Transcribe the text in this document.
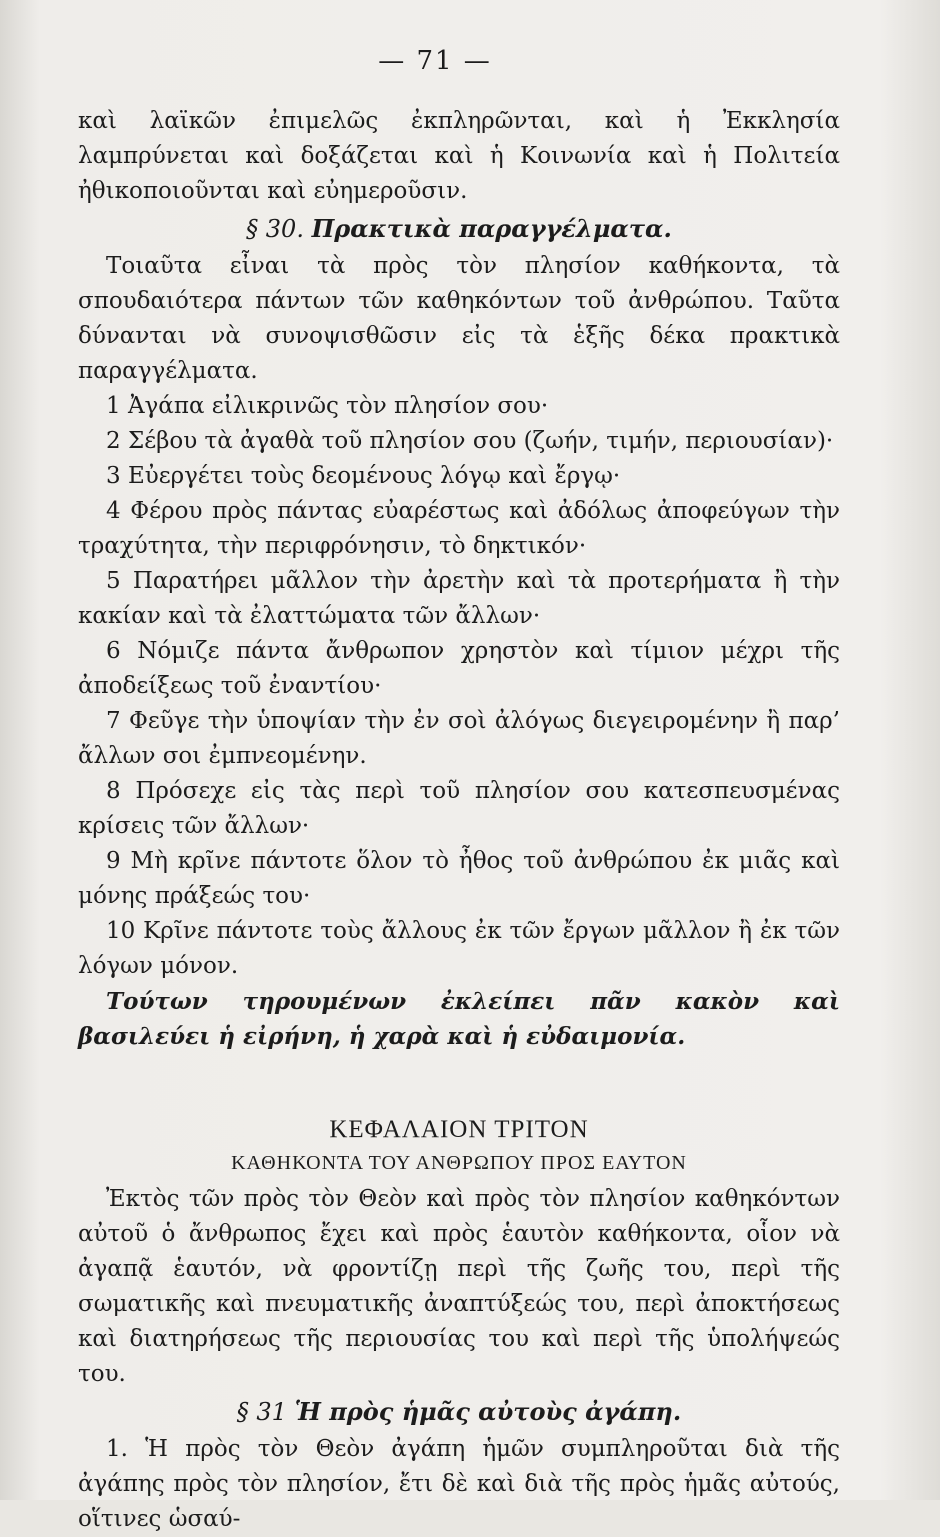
— 71 —

καὶ λαϊκῶν ἐπιμελῶς ἐκπληρῶνται, καὶ ἡ Ἐκκλησία λαμπρύνεται καὶ δοξάζεται καὶ ἡ Κοινωνία καὶ ἡ Πολιτεία ἠθικοποιοῦνται καὶ εὐημεροῦσιν.

§ 30. Πρακτικὰ παραγγέλματα.

Τοιαῦτα εἶναι τὰ πρὸς τὸν πλησίον καθήκοντα, τὰ σπουδαιότερα πάντων τῶν καθηκόντων τοῦ ἀνθρώπου. Ταῦτα δύνανται νὰ συνοψισθῶσιν εἰς τὰ ἑξῆς δέκα πρακτικὰ παραγγέλματα.

1 Ἀγάπα εἰλικρινῶς τὸν πλησίον σου·

2 Σέβου τὰ ἀγαθὰ τοῦ πλησίον σου (ζωήν, τιμήν, περιουσίαν)·

3 Εὐεργέτει τοὺς δεομένους λόγῳ καὶ ἔργῳ·

4 Φέρου πρὸς πάντας εὐαρέστως καὶ ἀδόλως ἀποφεύγων τὴν τραχύτητα, τὴν περιφρόνησιν, τὸ δηκτικόν·

5 Παρατήρει μᾶλλον τὴν ἀρετὴν καὶ τὰ προτερήματα ἢ τὴν κακίαν καὶ τὰ ἐλαττώματα τῶν ἄλλων·

6 Νόμιζε πάντα ἄνθρωπον χρηστὸν καὶ τίμιον μέχρι τῆς ἀποδείξεως τοῦ ἐναντίου·

7 Φεῦγε τὴν ὑποψίαν τὴν ἐν σοὶ ἀλόγως διεγειρομένην ἢ παρ’ ἄλλων σοι ἐμπνεομένην.

8 Πρόσεχε εἰς τὰς περὶ τοῦ πλησίον σου κατεσπευσμένας κρίσεις τῶν ἄλλων·

9 Μὴ κρῖνε πάντοτε ὅλον τὸ ἦθος τοῦ ἀνθρώπου ἐκ μιᾶς καὶ μόνης πράξεώς του·

10 Κρῖνε πάντοτε τοὺς ἄλλους ἐκ τῶν ἔργων μᾶλλον ἢ ἐκ τῶν λόγων μόνον.

Τούτων τηρουμένων ἐκλείπει πᾶν κακὸν καὶ βασιλεύει ἡ εἰρήνη, ἡ χαρὰ καὶ ἡ εὐδαιμονία.

ΚΕΦΑΛΑΙΟΝ ΤΡΙΤΟΝ
ΚΑΘΗΚΟΝΤΑ ΤΟΥ ΑΝΘΡΩΠΟΥ ΠΡΟΣ ΕΑΥΤΟΝ

Ἐκτὸς τῶν πρὸς τὸν Θεὸν καὶ πρὸς τὸν πλησίον καθηκόντων αὐτοῦ ὁ ἄνθρωπος ἔχει καὶ πρὸς ἑαυτὸν καθήκοντα, οἷον νὰ ἀγαπᾷ ἑαυτόν, νὰ φροντίζῃ περὶ τῆς ζωῆς του, περὶ τῆς σωματικῆς καὶ πνευματικῆς ἀναπτύξεώς του, περὶ ἀποκτήσεως καὶ διατηρήσεως τῆς περιουσίας του καὶ περὶ τῆς ὑπολήψεώς του.

§ 31 Ἡ πρὸς ἡμᾶς αὐτοὺς ἀγάπη.

1. Ἡ πρὸς τὸν Θεὸν ἀγάπη ἡμῶν συμπληροῦται διὰ τῆς ἀγάπης πρὸς τὸν πλησίον, ἔτι δὲ καὶ διὰ τῆς πρὸς ἡμᾶς αὐτούς, οἵτινες ὡσαύ-
